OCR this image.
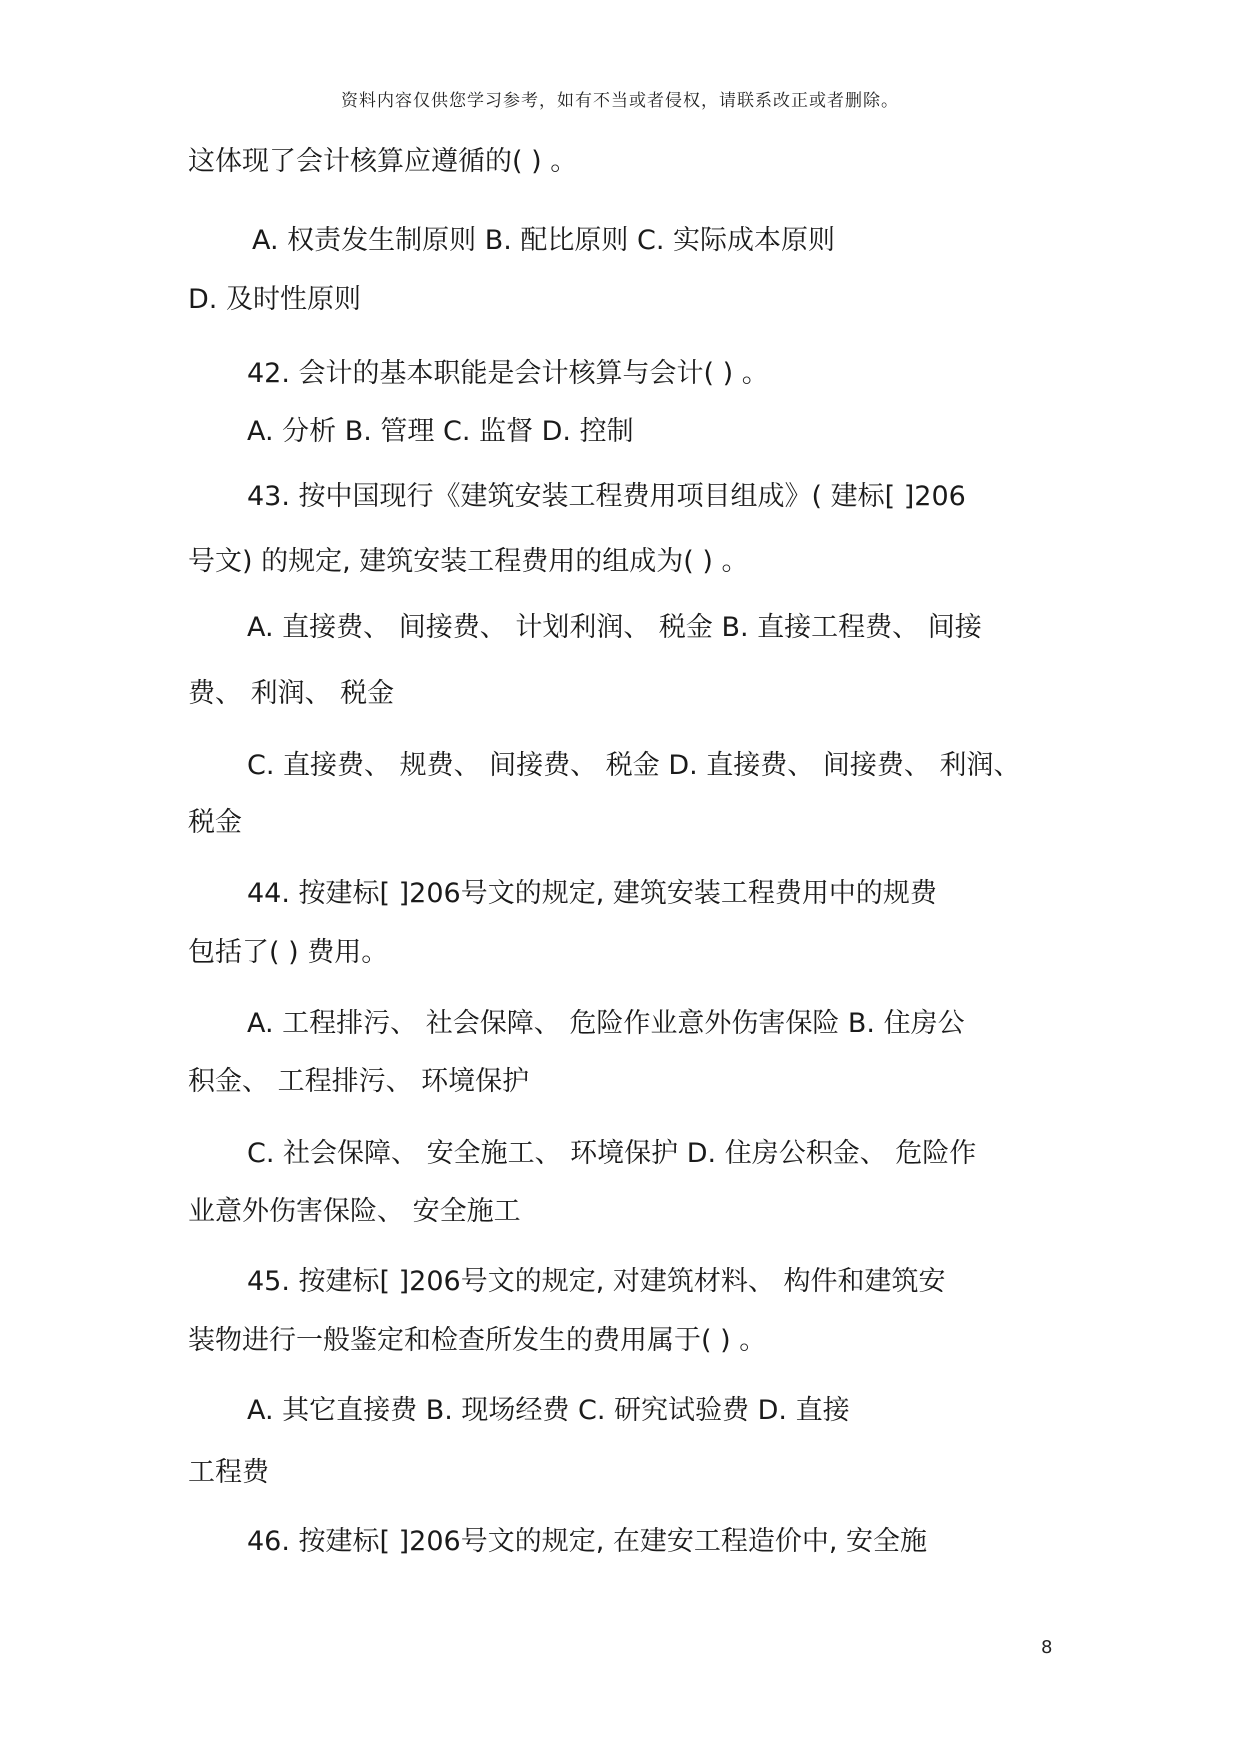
资料内容仅供您学习参考，如有不当或者侵权，请联系改正或者删除。
这体现了会计核算应遵循的( ) 。
A. 权责发生制原则 B. 配比原则 C. 实际成本原则
D. 及时性原则
42. 会计的基本职能是会计核算与会计( ) 。
A. 分析 B. 管理 C. 监督 D. 控制
43. 按中国现行《建筑安装工程费用项目组成》( 建标[ ]206
号文) 的规定, 建筑安装工程费用的组成为( ) 。
A. 直接费、 间接费、 计划利润、 税金 B. 直接工程费、 间接
费、 利润、 税金
C. 直接费、 规费、 间接费、 税金 D. 直接费、 间接费、 利润、
税金
44. 按建标[ ]206号文的规定, 建筑安装工程费用中的规费
包括了( ) 费用。
A. 工程排污、 社会保障、 危险作业意外伤害保险 B. 住房公
积金、 工程排污、 环境保护
C. 社会保障、 安全施工、 环境保护 D. 住房公积金、 危险作
业意外伤害保险、 安全施工
45. 按建标[ ]206号文的规定, 对建筑材料、 构件和建筑安
装物进行一般鉴定和检查所发生的费用属于( ) 。
A. 其它直接费 B. 现场经费 C. 研究试验费 D. 直接
工程费
46. 按建标[ ]206号文的规定, 在建安工程造价中, 安全施
8
